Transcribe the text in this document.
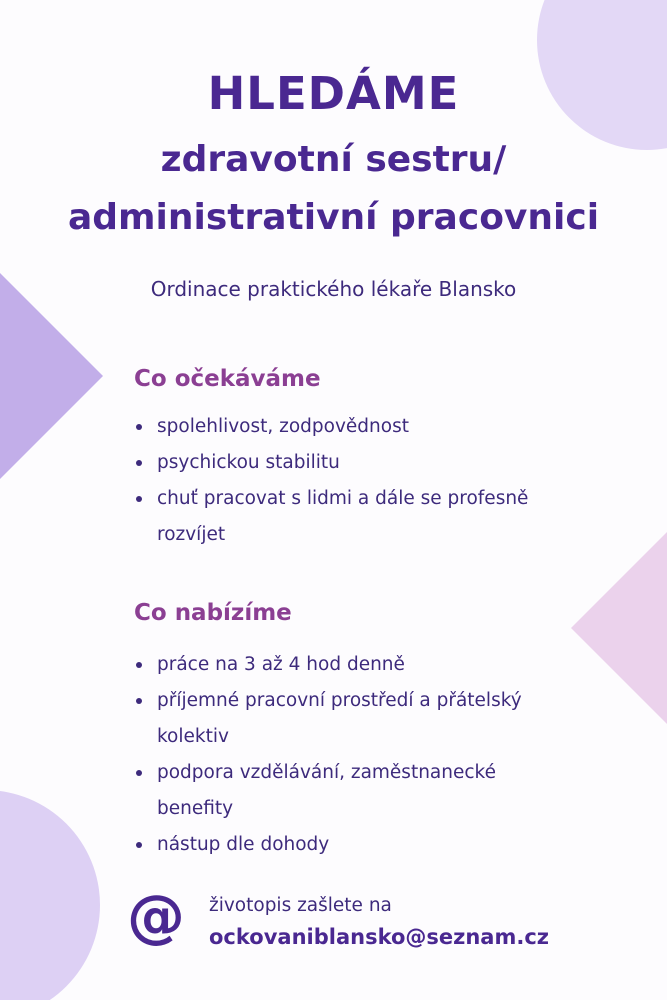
HLEDÁME
zdravotní sestru/
administrativní pracovnici
Ordinace praktického lékaře Blansko
Co očekáváme
spolehlivost, zodpovědnost
psychickou stabilitu
chuť pracovat s lidmi a dále se profesně rozvíjet
Co nabízíme
práce na 3 až 4 hod denně
příjemné pracovní prostředí a přátelský kolektiv
podpora vzdělávání, zaměstnanecké benefity
nástup dle dohody
@ životopis zašlete na
ockovaniblansko@seznam.cz
